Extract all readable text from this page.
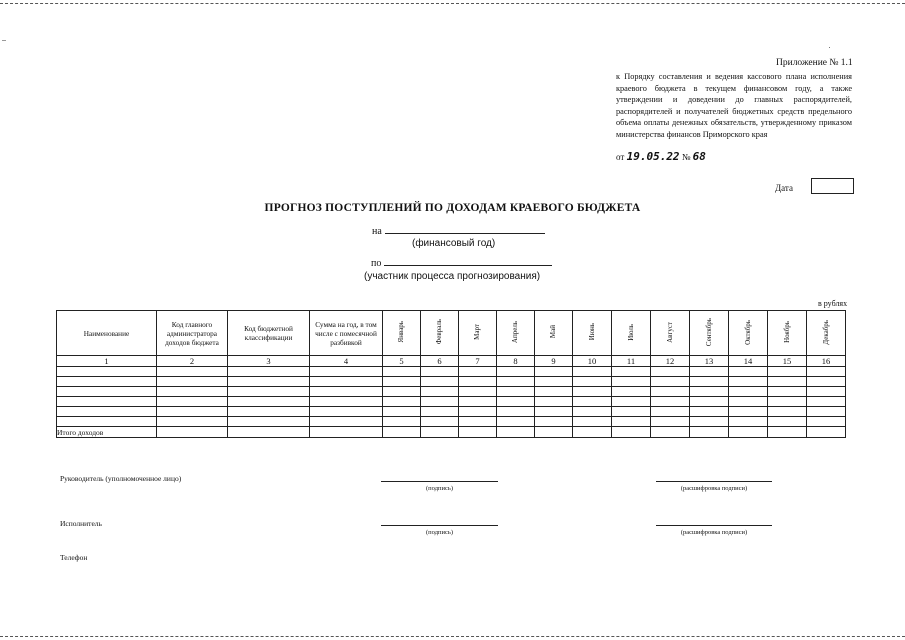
Приложение № 1.1
к Порядку составления и ведения кассового плана исполнения краевого бюджета в текущем финансовом году, а также утверждении и доведении до главных распорядителей, распорядителей и получателей бюджетных средств предельного объема оплаты денежных обязательств, утвержденному приказом министерства финансов Приморского края
от 19.05.22 № 68
Дата
ПРОГНОЗ ПОСТУПЛЕНИЙ ПО ДОХОДАМ КРАЕВОГО БЮДЖЕТА
на
(финансовый год)
по
(участник процесса прогнозирования)
в рублях
Наименование	Код главного администратора доходов бюджета	Код бюджетной классификации	Сумма на год, в том числе с помесячной разбивкой	Январь	Февраль	Март	Апрель	Май	Июнь	Июль	Август	Сентябрь	Октябрь	Ноябрь	Декабрь
1	2	3	4	5	6	7	8	9	10	11	12	13	14	15	16

Итого доходов															
Руководитель (уполномоченное лицо)
(подпись)	(расшифровка подписи)
Исполнитель
(подпись)	(расшифровка подписи)
Телефон
